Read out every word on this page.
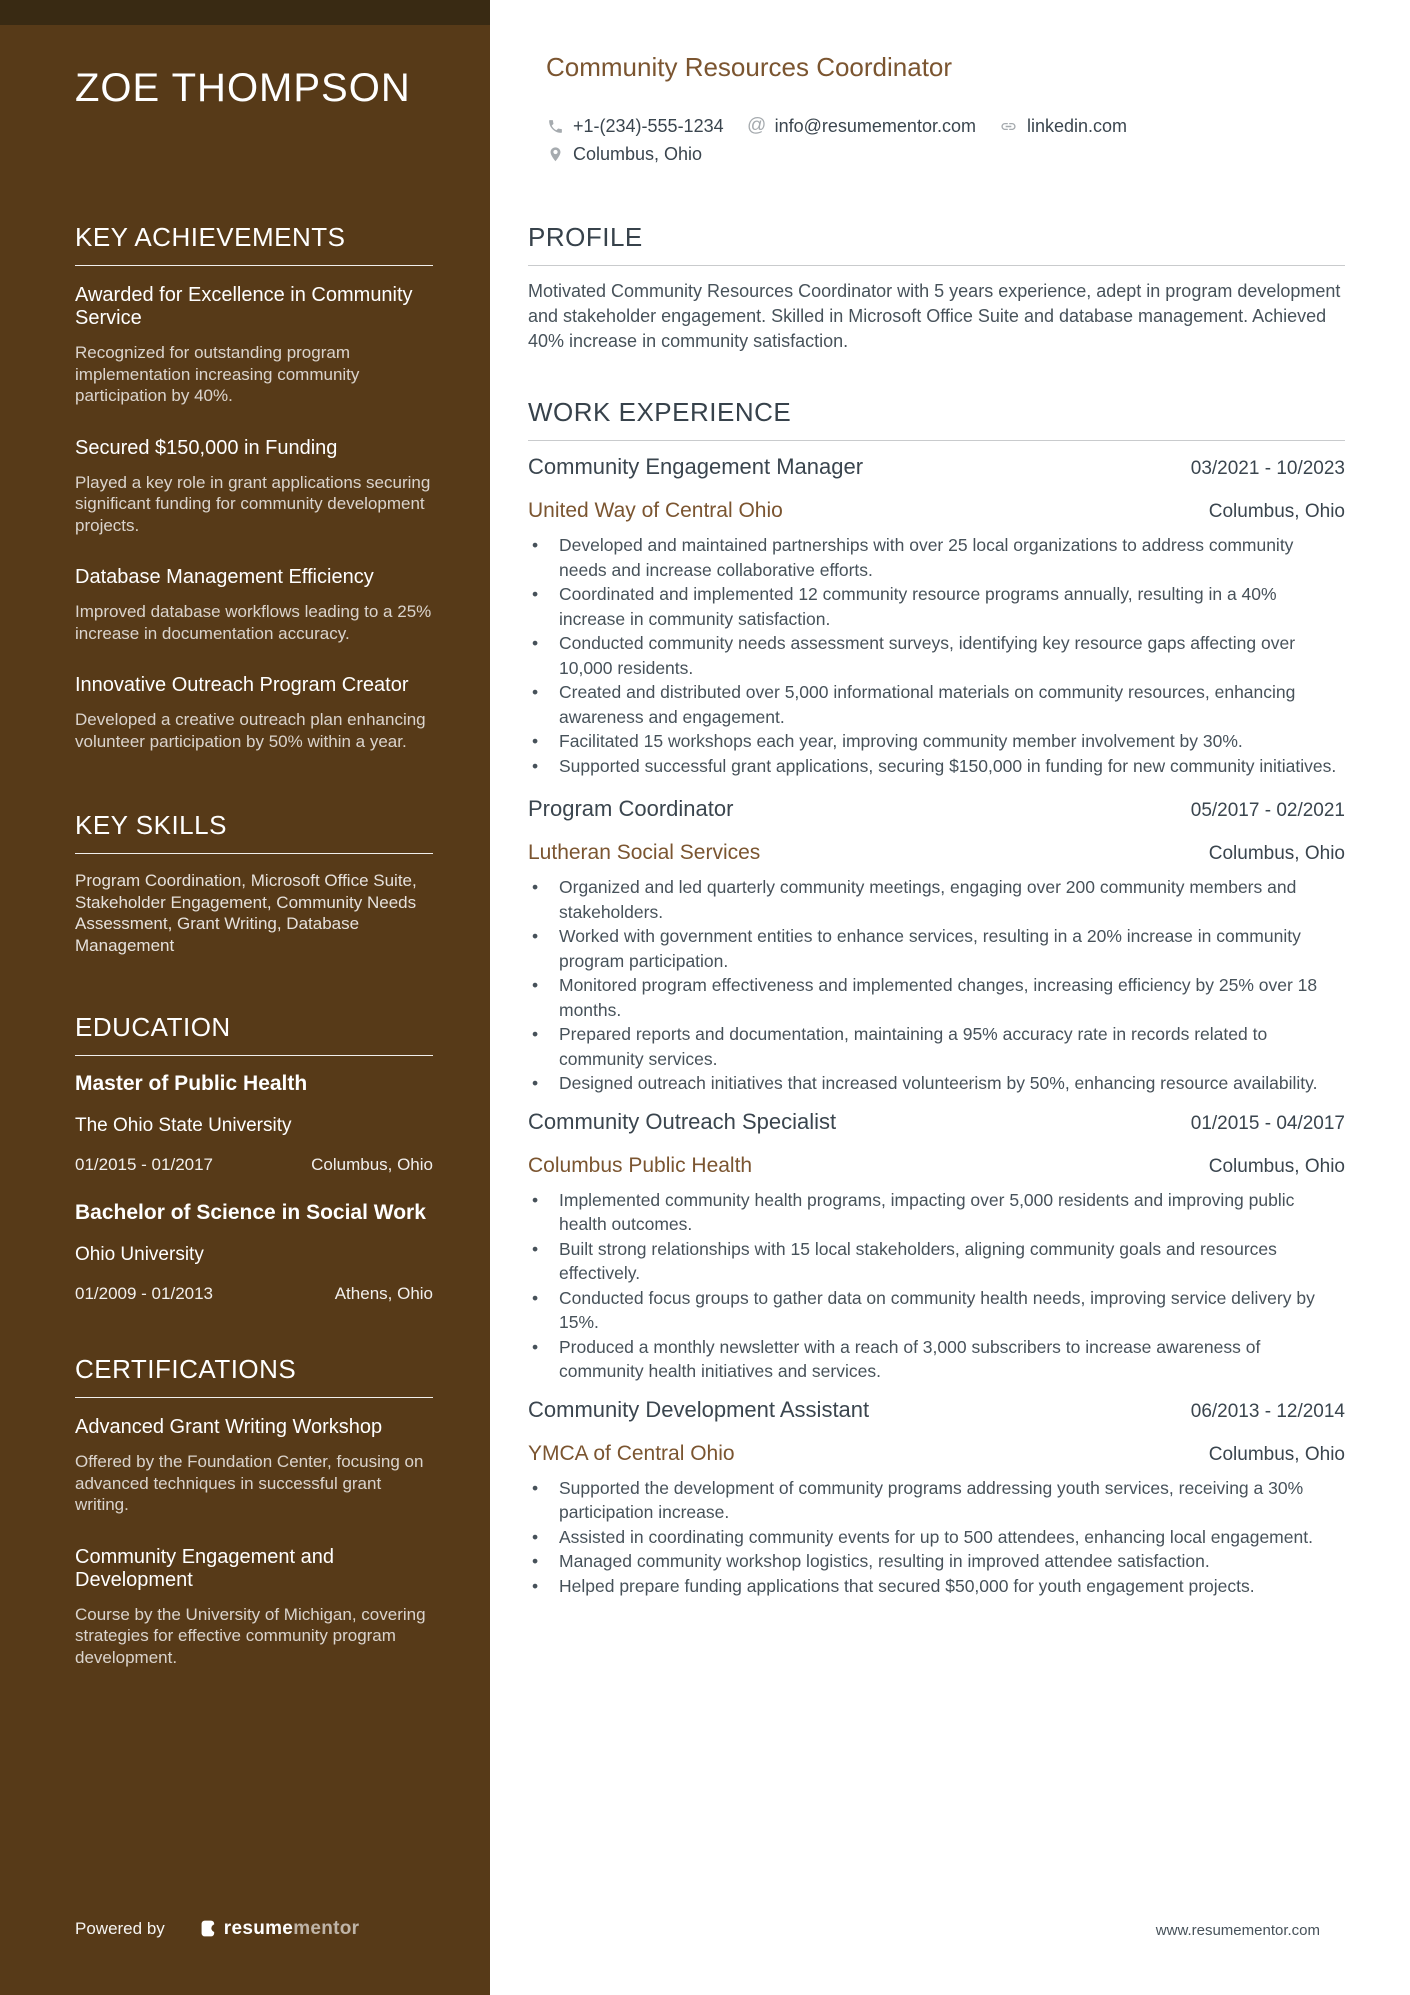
ZOE THOMPSON
KEY ACHIEVEMENTS
Awarded for Excellence in Community Service
Recognized for outstanding program implementation increasing community participation by 40%.
Secured $150,000 in Funding
Played a key role in grant applications securing significant funding for community development projects.
Database Management Efficiency
Improved database workflows leading to a 25% increase in documentation accuracy.
Innovative Outreach Program Creator
Developed a creative outreach plan enhancing volunteer participation by 50% within a year.
KEY SKILLS
Program Coordination, Microsoft Office Suite, Stakeholder Engagement, Community Needs Assessment, Grant Writing, Database Management
EDUCATION
Master of Public Health
The Ohio State University
01/2015 - 01/2017	Columbus, Ohio
Bachelor of Science in Social Work
Ohio University
01/2009 - 01/2013	Athens, Ohio
CERTIFICATIONS
Advanced Grant Writing Workshop
Offered by the Foundation Center, focusing on advanced techniques in successful grant writing.
Community Engagement and Development
Course by the University of Michigan, covering strategies for effective community program development.
Powered by	resumementor
Community Resources Coordinator
+1-(234)-555-1234 @ info@resumementor.com	linkedin.com
Columbus, Ohio
PROFILE

Motivated Community Resources Coordinator with 5 years experience, adept in program development and stakeholder engagement. Skilled in Microsoft Office Suite and database management. Achieved 40% increase in community satisfaction.

WORK EXPERIENCE
Community Engagement Manager	03/2021 - 10/2023
United Way of Central Ohio	Columbus, Ohio
• Developed and maintained partnerships with over 25 local organizations to address community needs and increase collaborative efforts.
• Coordinated and implemented 12 community resource programs annually, resulting in a 40% increase in community satisfaction.
• Conducted community needs assessment surveys, identifying key resource gaps affecting over 10,000 residents.
• Created and distributed over 5,000 informational materials on community resources, enhancing awareness and engagement.
• Facilitated 15 workshops each year, improving community member involvement by 30%.
• Supported successful grant applications, securing $150,000 in funding for new community initiatives.
Program Coordinator	05/2017 - 02/2021
Lutheran Social Services	Columbus, Ohio
• Organized and led quarterly community meetings, engaging over 200 community members and stakeholders.
• Worked with government entities to enhance services, resulting in a 20% increase in community program participation.
• Monitored program effectiveness and implemented changes, increasing efficiency by 25% over 18 months.
• Prepared reports and documentation, maintaining a 95% accuracy rate in records related to community services.
• Designed outreach initiatives that increased volunteerism by 50%, enhancing resource availability.
Community Outreach Specialist	01/2015 - 04/2017
Columbus Public Health	Columbus, Ohio
• Implemented community health programs, impacting over 5,000 residents and improving public health outcomes.
• Built strong relationships with 15 local stakeholders, aligning community goals and resources effectively.
• Conducted focus groups to gather data on community health needs, improving service delivery by 15%.
• Produced a monthly newsletter with a reach of 3,000 subscribers to increase awareness of community health initiatives and services.
Community Development Assistant	06/2013 - 12/2014
YMCA of Central Ohio	Columbus, Ohio
• Supported the development of community programs addressing youth services, receiving a 30% participation increase.
• Assisted in coordinating community events for up to 500 attendees, enhancing local engagement.
• Managed community workshop logistics, resulting in improved attendee satisfaction.
• Helped prepare funding applications that secured $50,000 for youth engagement projects.
www.resumementor.com
